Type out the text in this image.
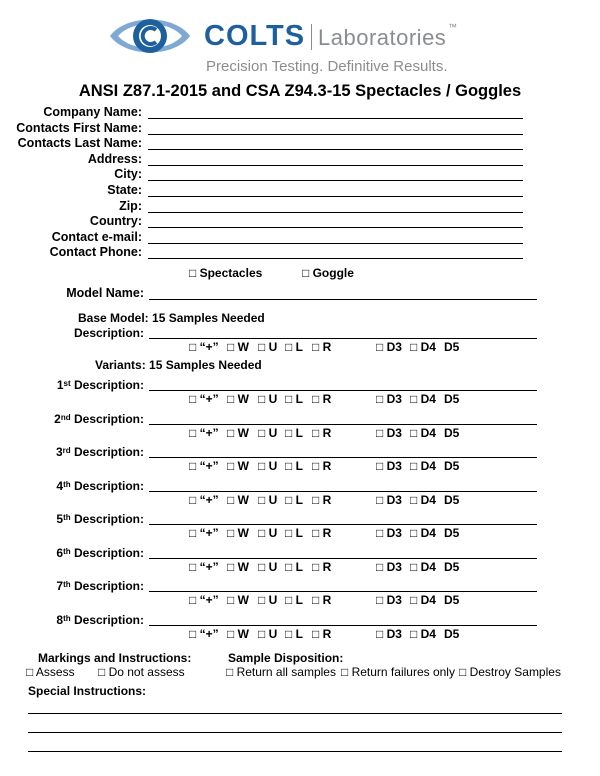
COLTS Laboratories ™
Precision Testing. Definitive Results.
ANSI Z87.1-2015 and CSA Z94.3-15 Spectacles / Goggles
Company Name:
Contacts First Name:
Contacts Last Name:
Address:
City:
State:
Zip:
Country:
Contact e-mail:
Contact Phone:
□ Spectacles	□ Goggle
Model Name:
Base Model: 15 Samples Needed
Description:
□ “+” □ W □ U □ L □ R	□ D3 □ D4 D5
Variants: 15 Samples Needed
1st Description:
□ “+” □ W □ U □ L □ R	□ D3 □ D4 D5
2nd Description:
□ “+” □ W □ U □ L □ R	□ D3 □ D4 D5
3rd Description:
□ “+” □ W □ U □ L □ R	□ D3 □ D4 D5
4th Description:
□ “+” □ W □ U □ L □ R	□ D3 □ D4 D5
5th Description:
□ “+” □ W □ U □ L □ R	□ D3 □ D4 D5
6th Description:
□ “+” □ W □ U □ L □ R	□ D3 □ D4 D5
7th Description:
□ “+” □ W □ U □ L □ R	□ D3 □ D4 D5
8th Description:
□ “+” □ W □ U □ L □ R	□ D3 □ D4 D5
Markings and Instructions:
□ Assess □ Do not assess
Sample Disposition:
□ Return all samples □ Return failures only □ Destroy Samples
Special Instructions:
